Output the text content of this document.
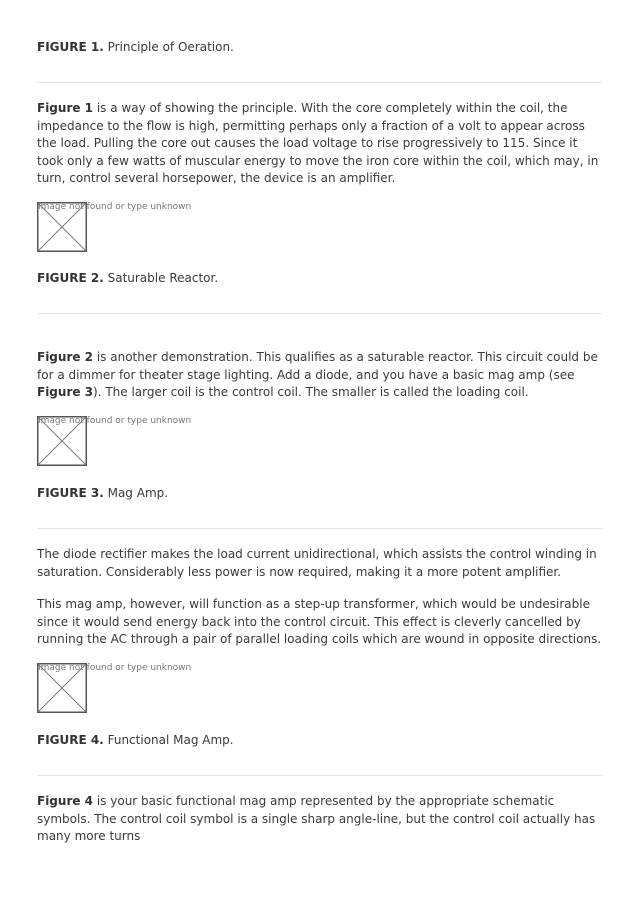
FIGURE 1. Principle of Oeration.

Figure 1 is a way of showing the principle. With the core completely within the coil, the impedance to the flow is high, permitting perhaps only a fraction of a volt to appear across the load. Pulling the core out causes the load voltage to rise progressively to 115. Since it took only a few watts of muscular energy to move the iron core within the coil, which may, in turn, control several horsepower, the device is an amplifier.

Image not found or type unknown

FIGURE 2. Saturable Reactor.

Figure 2 is another demonstration. This qualifies as a saturable reactor. This circuit could be for a dimmer for theater stage lighting. Add a diode, and you have a basic mag amp (see Figure 3). The larger coil is the control coil. The smaller is called the loading coil.

Image not found or type unknown

FIGURE 3. Mag Amp.

The diode rectifier makes the load current unidirectional, which assists the control winding in saturation. Considerably less power is now required, making it a more potent amplifier.

This mag amp, however, will function as a step-up transformer, which would be undesirable since it would send energy back into the control circuit. This effect is cleverly cancelled by running the AC through a pair of parallel loading coils which are wound in opposite directions.

Image not found or type unknown

FIGURE 4. Functional Mag Amp.

Figure 4 is your basic functional mag amp represented by the appropriate schematic symbols. The control coil symbol is a single sharp angle-line, but the control coil actually has many more turns
